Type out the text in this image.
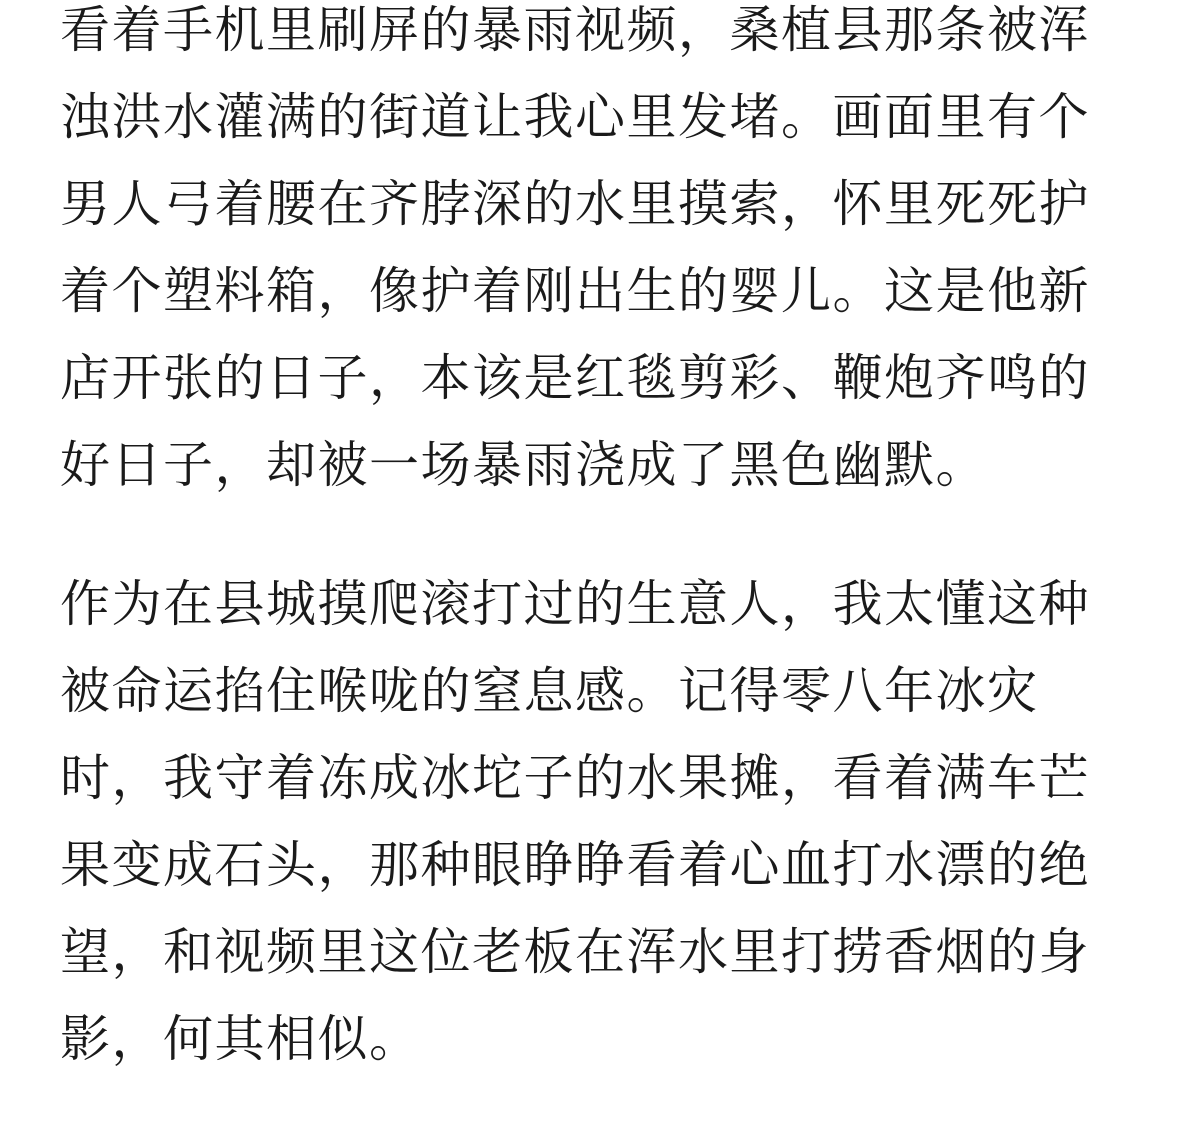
看着手机里刷屏的暴雨视频，桑植县那条被浑
浊洪水灌满的街道让我心里发堵。画面里有个
男人弓着腰在齐脖深的水里摸索，怀里死死护
着个塑料箱，像护着刚出生的婴儿。这是他新
店开张的日子，本该是红毯剪彩、鞭炮齐鸣的
好日子，却被一场暴雨浇成了黑色幽默。

作为在县城摸爬滚打过的生意人，我太懂这种
被命运掐住喉咙的窒息感。记得零八年冰灾
时，我守着冻成冰坨子的水果摊，看着满车芒
果变成石头，那种眼睁睁看着心血打水漂的绝
望，和视频里这位老板在浑水里打捞香烟的身
影，何其相似。
